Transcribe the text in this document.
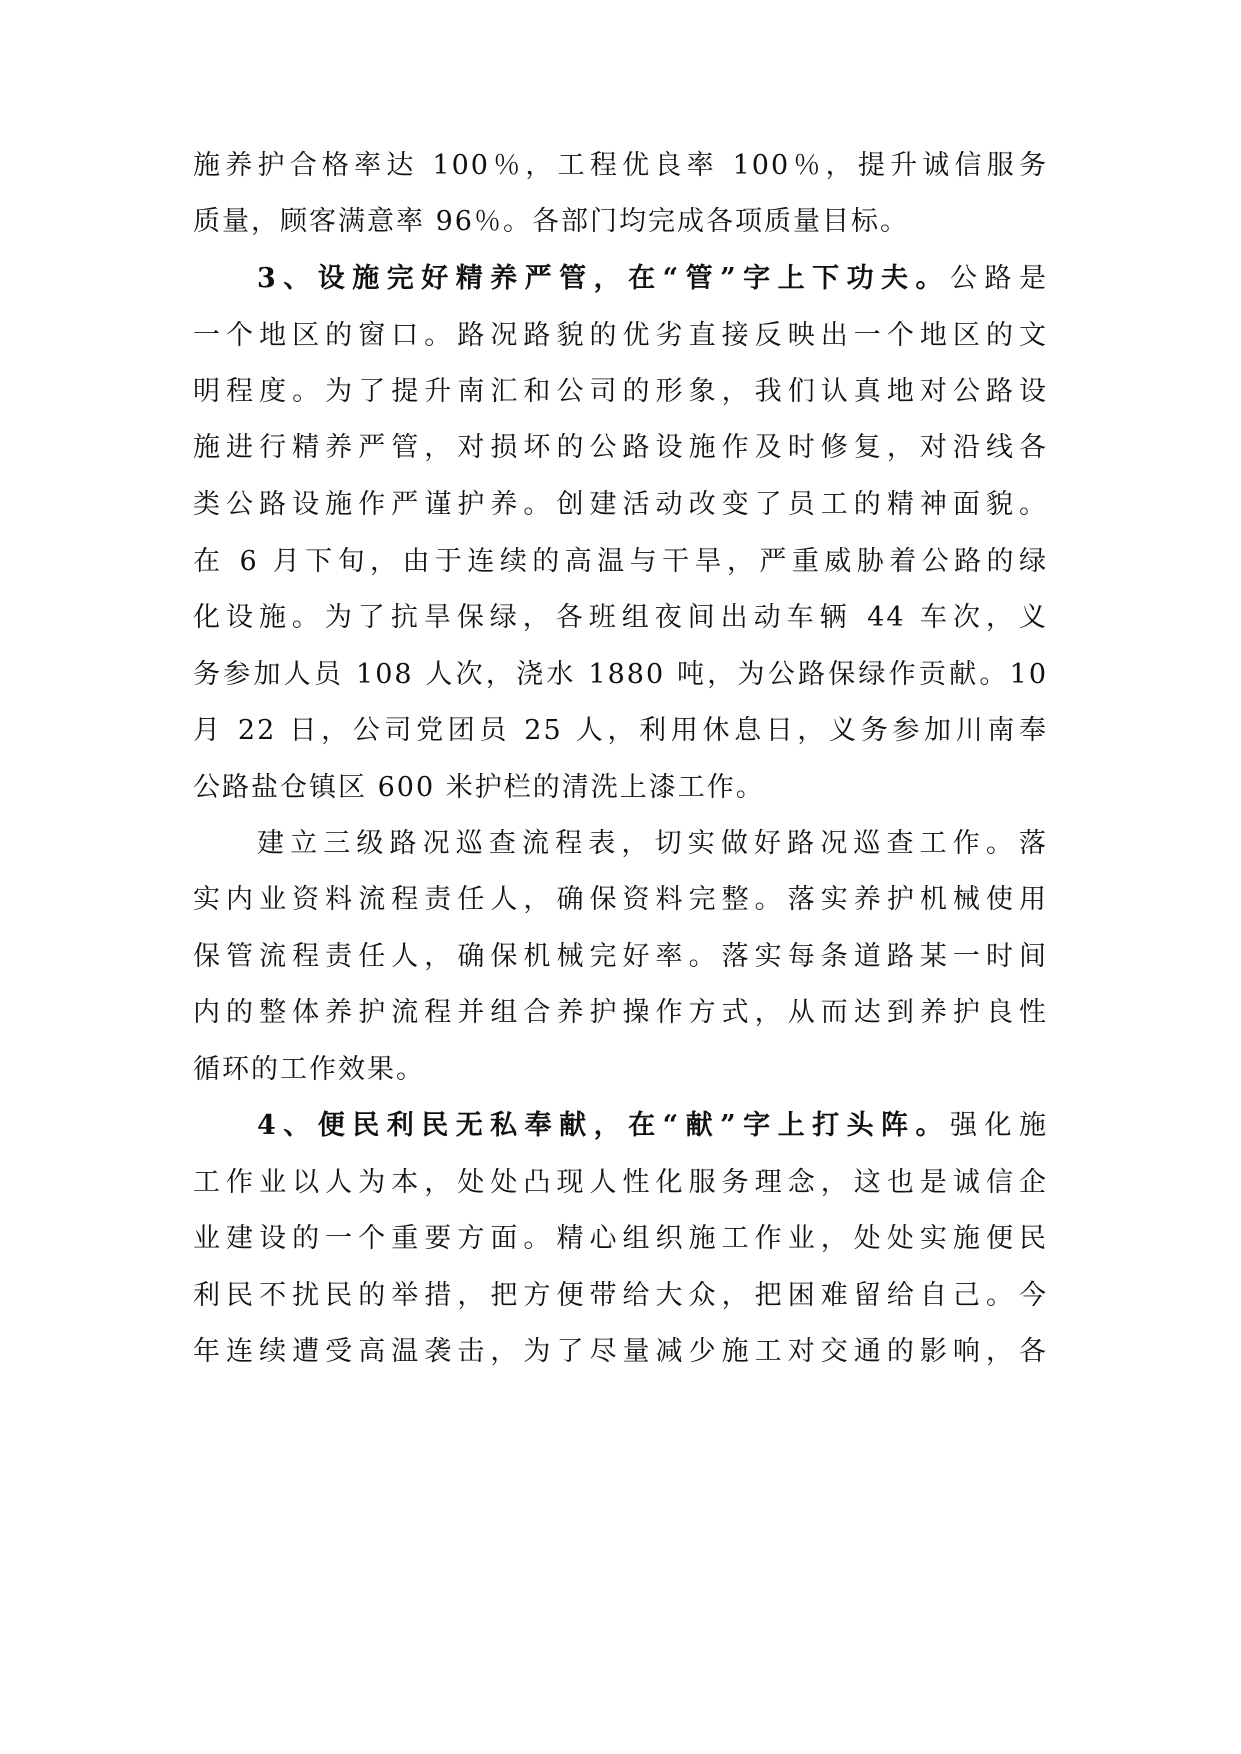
施养护合格率达 100％，工程优良率 100％，提升诚信服务
质量，顾客满意率 96％。各部门均完成各项质量目标。
3、设施完好精养严管，在“管”字上下功夫。公路是
一个地区的窗口。路况路貌的优劣直接反映出一个地区的文
明程度。为了提升南汇和公司的形象，我们认真地对公路设
施进行精养严管，对损坏的公路设施作及时修复，对沿线各
类公路设施作严谨护养。创建活动改变了员工的精神面貌。
在 6 月下旬，由于连续的高温与干旱，严重威胁着公路的绿
化设施。为了抗旱保绿，各班组夜间出动车辆 44 车次，义
务参加人员 108 人次，浇水 1880 吨，为公路保绿作贡献。10
月 22 日，公司党团员 25 人，利用休息日，义务参加川南奉
公路盐仓镇区 600 米护栏的清洗上漆工作。
建立三级路况巡查流程表，切实做好路况巡查工作。落
实内业资料流程责任人，确保资料完整。落实养护机械使用
保管流程责任人，确保机械完好率。落实每条道路某一时间
内的整体养护流程并组合养护操作方式，从而达到养护良性
循环的工作效果。
4、便民利民无私奉献，在“献”字上打头阵。强化施
工作业以人为本，处处凸现人性化服务理念，这也是诚信企
业建设的一个重要方面。精心组织施工作业，处处实施便民
利民不扰民的举措，把方便带给大众，把困难留给自己。今
年连续遭受高温袭击，为了尽量减少施工对交通的影响，各
